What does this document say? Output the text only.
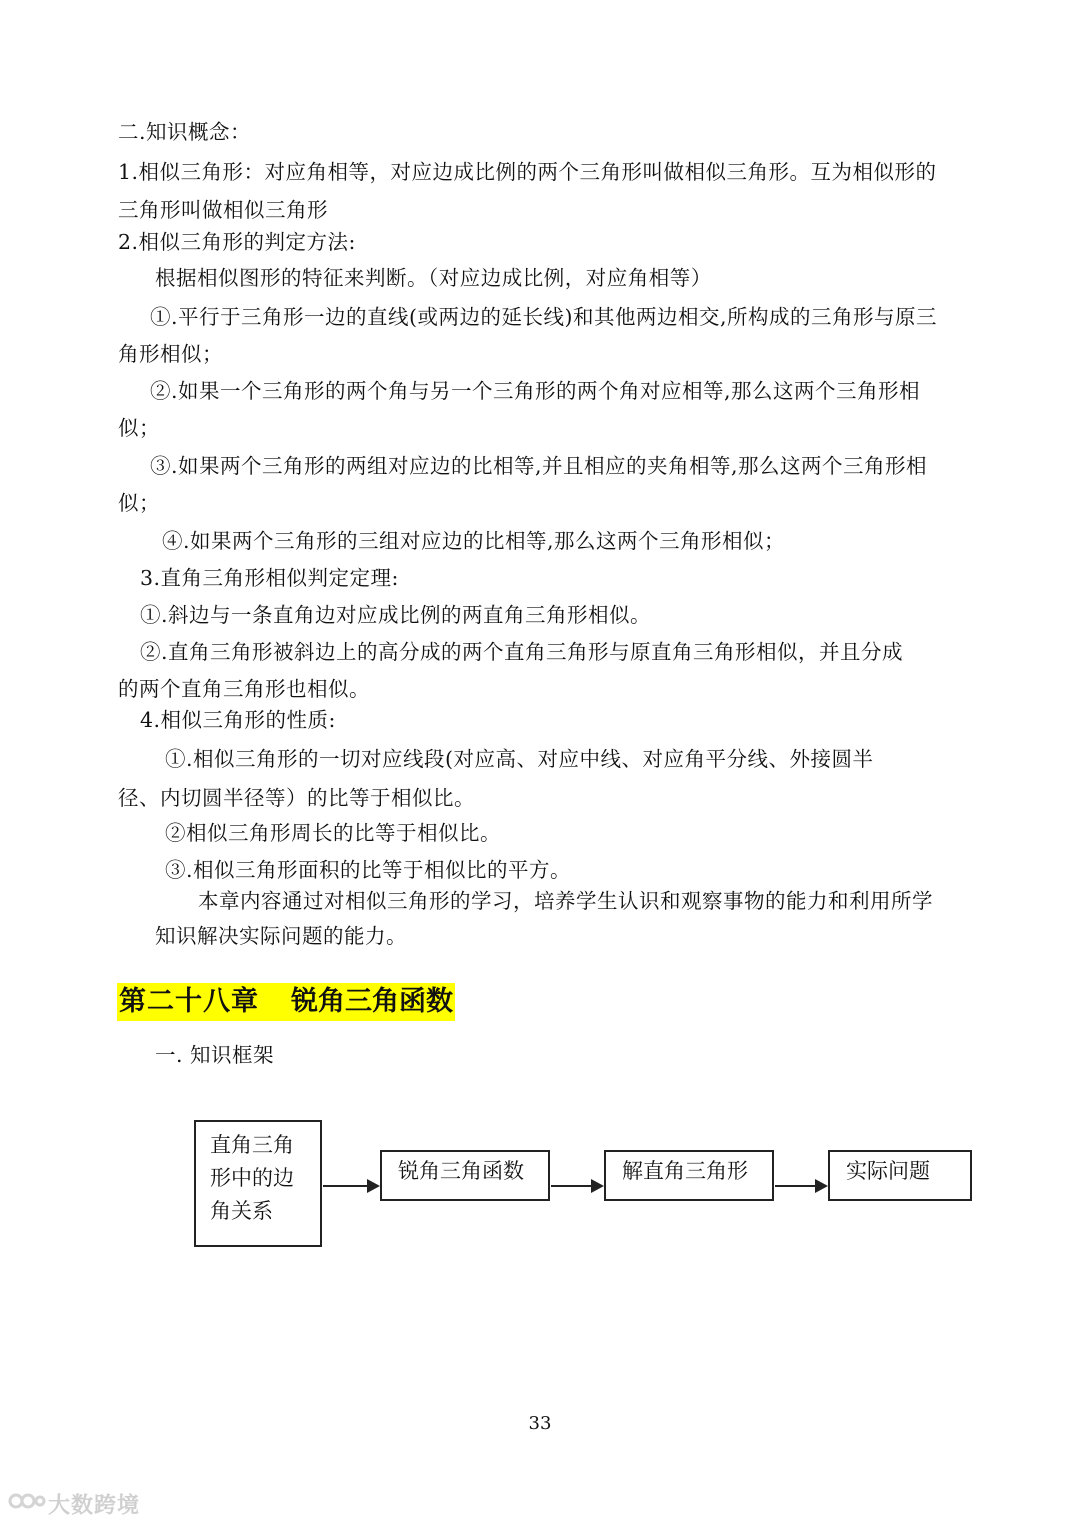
二.知识概念：
1.相似三角形：对应角相等，对应边成比例的两个三角形叫做相似三角形。互为相似形的
三角形叫做相似三角形
2.相似三角形的判定方法:
根据相似图形的特征来判断。（对应边成比例，对应角相等）
①.平行于三角形一边的直线(或两边的延长线)和其他两边相交,所构成的三角形与原三
角形相似；
②.如果一个三角形的两个角与另一个三角形的两个角对应相等,那么这两个三角形相
似；
③.如果两个三角形的两组对应边的比相等,并且相应的夹角相等,那么这两个三角形相
似；
④.如果两个三角形的三组对应边的比相等,那么这两个三角形相似；
3.直角三角形相似判定定理:
①.斜边与一条直角边对应成比例的两直角三角形相似。
②.直角三角形被斜边上的高分成的两个直角三角形与原直角三角形相似，并且分成
的两个直角三角形也相似。
4.相似三角形的性质:
①.相似三角形的一切对应线段(对应高、对应中线、对应角平分线、外接圆半
径、内切圆半径等）的比等于相似比。
②相似三角形周长的比等于相似比。
③.相似三角形面积的比等于相似比的平方。
本章内容通过对相似三角形的学习，培养学生认识和观察事物的能力和利用所学
知识解决实际问题的能力。
第二十八章 锐角三角函数
一. 知识框架
直角三角
形中的边
角关系
锐角三角函数	解直角三角形	实际问题
33
大数跨境
